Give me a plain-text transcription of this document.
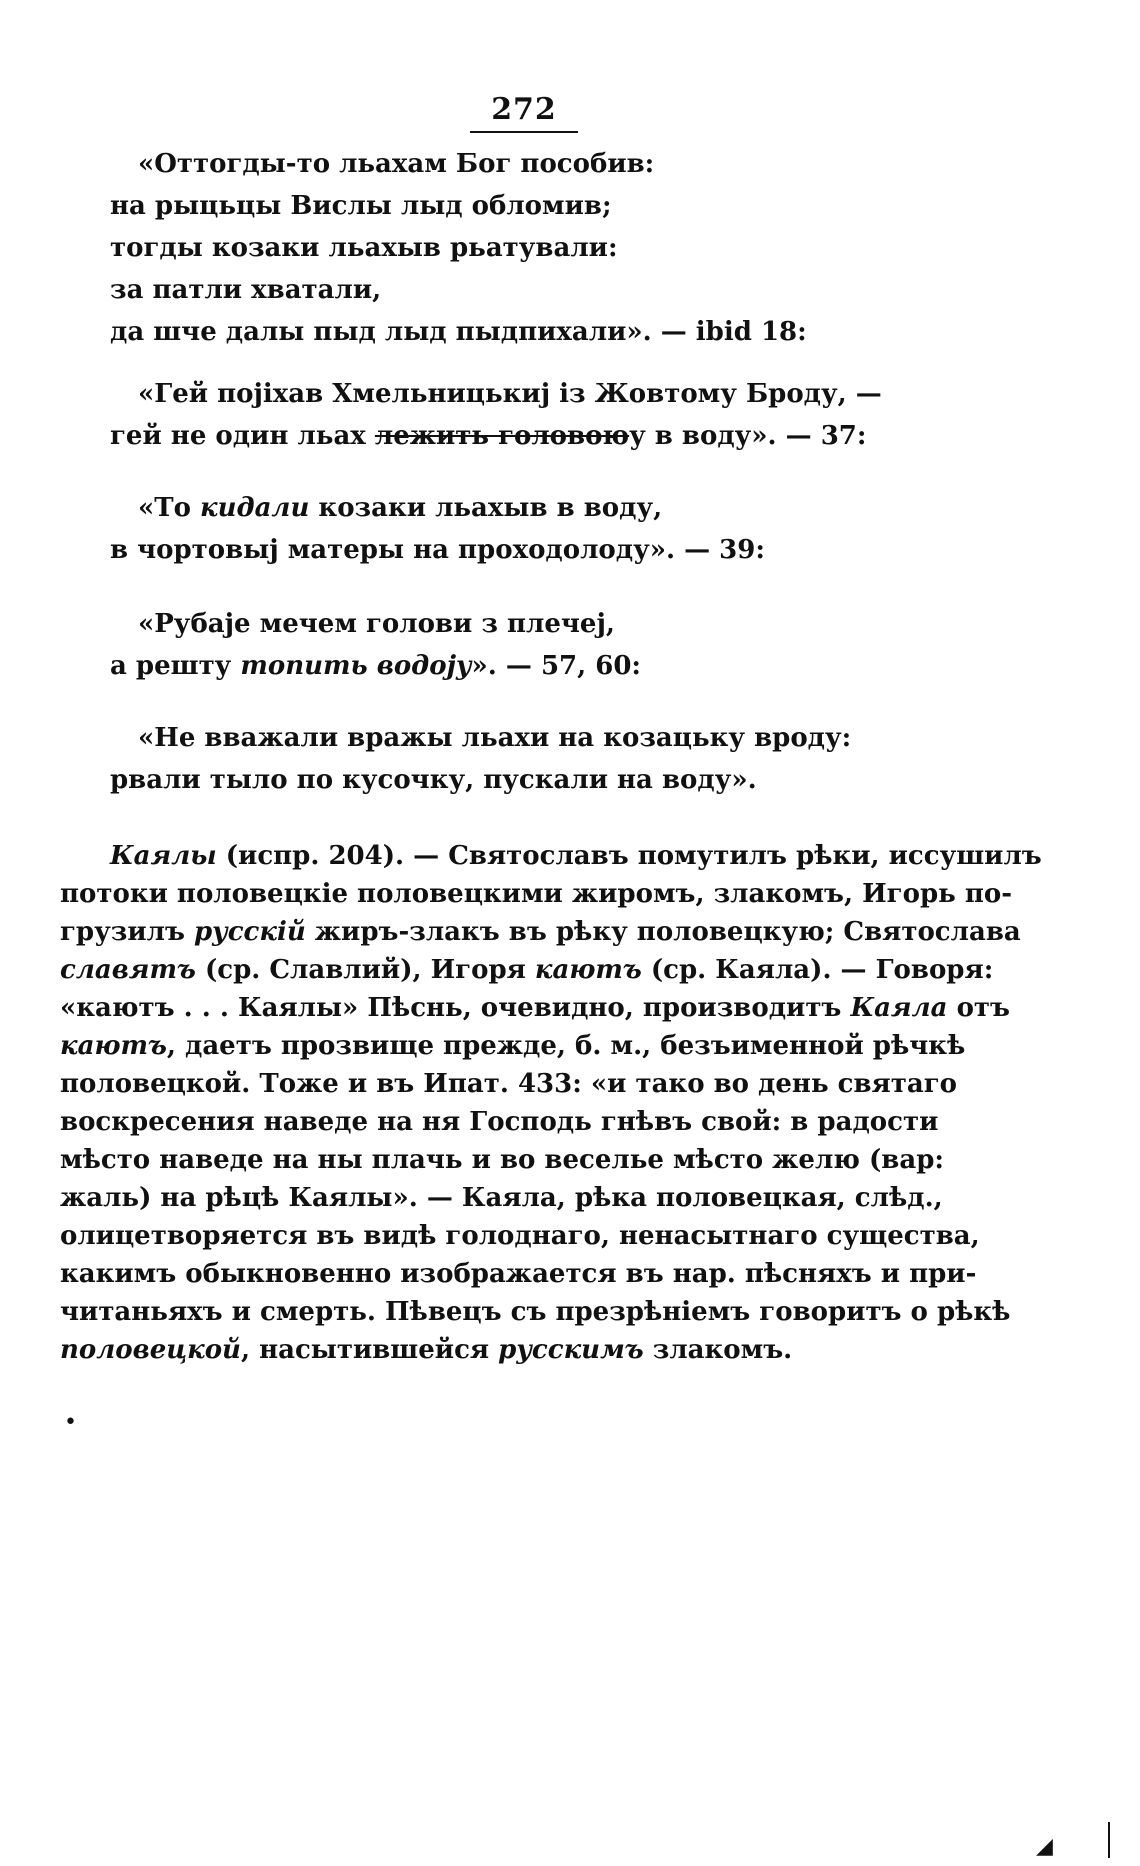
272
«Оттогды-то льахам Бог пособив:
на рыцьцы Вислы лыд обломив;
тогды козаки льахыв рьатували:
за патли хватали,
да шче далы пыд лыд пыдпихали». — ibid 18:
«Гей појіхав Хмельницькиј із Жовтому Броду, —
гей не один льах лежить головоюу в воду». — 37:
«То кидали козаки льахыв в воду,
в чортовыј матеры на проходолоду». — 39:
«Рубаје мечем голови з плечеј,
а решту топить водоју». — 57, 60:
«Не вважали вражы льахи на козацьку вроду:
рвали тыло по кусочку, пускали на воду».
Каялы (испр. 204). — Святославъ помутилъ рѣки, иссушилъ
потоки половецкіе половецкими жиромъ, злакомъ, Игорь по-
грузилъ русскій жиръ-злакъ въ рѣку половецкую; Святослава
славятъ (ср. Славлий), Игоря каютъ (ср. Каяла). — Говоря:
«каютъ . . . Каялы» Пѣснь, очевидно, производитъ Каяла отъ
каютъ, даетъ прозвище прежде, б. м., безъименной рѣчкѣ
половецкой. Тоже и въ Ипат. 433: «и тако во день святаго
воскресения наведе на ня Господь гнѣвъ свой: в радости
мѣсто наведе на ны плачь и во веселье мѣсто желю (вар:
жаль) на рѣцѣ Каялы». — Каяла, рѣка половецкая, слѣд.,
олицетворяется въ видѣ голоднаго, ненасытнаго существа,
какимъ обыкновенно изображается въ нар. пѣсняхъ и при-
читаньяхъ и смерть. Пѣвецъ съ презрѣніемъ говоритъ о рѣкѣ
половецкой, насытившейся русскимъ злакомъ.
•
◢
